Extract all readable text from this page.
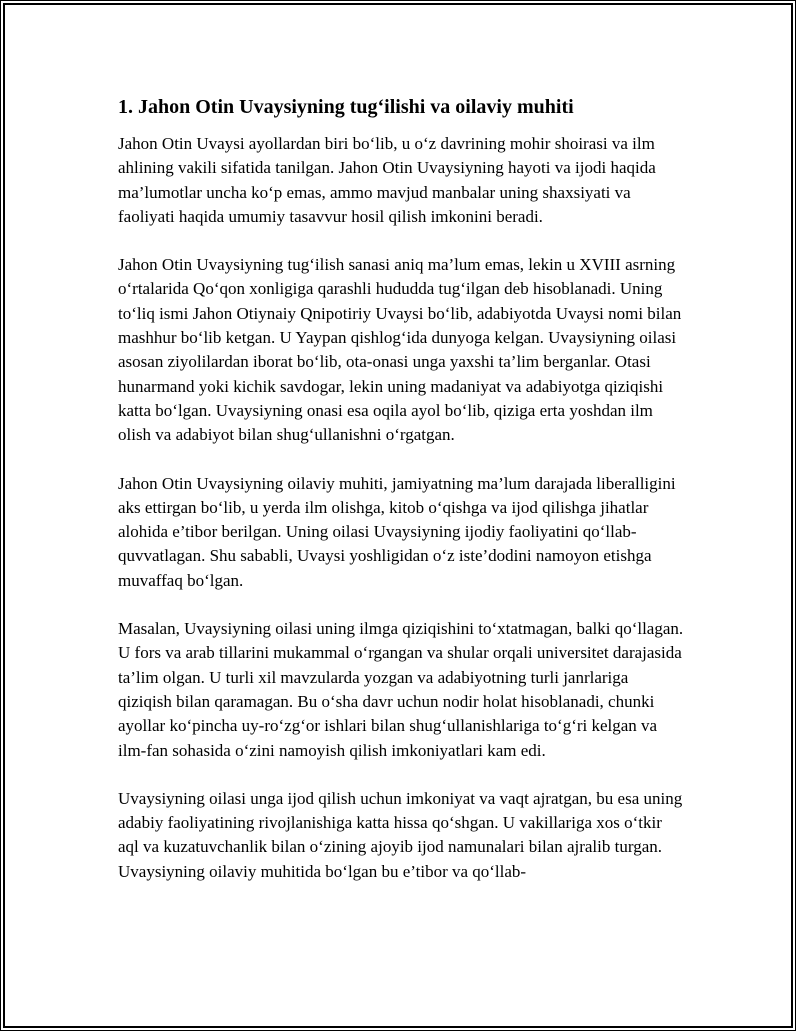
1. Jahon Otin Uvaysiyning tug‘ilishi va oilaviy muhiti

Jahon Otin Uvaysi ayollardan biri bo‘lib, u o‘z davrining mohir shoirasi va ilm ahlining vakili sifatida tanilgan. Jahon Otin Uvaysiyning hayoti va ijodi haqida ma’lumotlar uncha ko‘p emas, ammo mavjud manbalar uning shaxsiyati va faoliyati haqida umumiy tasavvur hosil qilish imkonini beradi.

Jahon Otin Uvaysiyning tug‘ilish sanasi aniq ma’lum emas, lekin u XVIII asrning o‘rtalarida Qo‘qon xonligiga qarashli hududda tug‘ilgan deb hisoblanadi. Uning to‘liq ismi Jahon Otiynaiy Qnipotiriy Uvaysi bo‘lib, adabiyotda Uvaysi nomi bilan mashhur bo‘lib ketgan. U Yaypan qishlog‘ida dunyoga kelgan. Uvaysiyning oilasi asosan ziyolilardan iborat bo‘lib, ota-onasi unga yaxshi ta’lim berganlar. Otasi hunarmand yoki kichik savdogar, lekin uning madaniyat va adabiyotga qiziqishi katta bo‘lgan. Uvaysiyning onasi esa oqila ayol bo‘lib, qiziga erta yoshdan ilm olish va adabiyot bilan shug‘ullanishni o‘rgatgan.

Jahon Otin Uvaysiyning oilaviy muhiti, jamiyatning ma’lum darajada liberalligini aks ettirgan bo‘lib, u yerda ilm olishga, kitob o‘qishga va ijod qilishga jihatlar alohida e’tibor berilgan. Uning oilasi Uvaysiyning ijodiy faoliyatini qo‘llab-quvvatlagan. Shu sababli, Uvaysi yoshligidan o‘z iste’dodini namoyon etishga muvaffaq bo‘lgan.

Masalan, Uvaysiyning oilasi uning ilmga qiziqishini to‘xtatmagan, balki qo‘llagan. U fors va arab tillarini mukammal o‘rgangan va shular orqali universitet darajasida ta’lim olgan. U turli xil mavzularda yozgan va adabiyotning turli janrlariga qiziqish bilan qaramagan. Bu o‘sha davr uchun nodir holat hisoblanadi, chunki ayollar ko‘pincha uy-ro‘zg‘or ishlari bilan shug‘ullanishlariga to‘g‘ri kelgan va ilm-fan sohasida o‘zini namoyish qilish imkoniyatlari kam edi.

Uvaysiyning oilasi unga ijod qilish uchun imkoniyat va vaqt ajratgan, bu esa uning adabiy faoliyatining rivojlanishiga katta hissa qo‘shgan. U vakillariga xos o‘tkir aql va kuzatuvchanlik bilan o‘zining ajoyib ijod namunalari bilan ajralib turgan. Uvaysiyning oilaviy muhitida bo‘lgan bu e’tibor va qo‘llab-
